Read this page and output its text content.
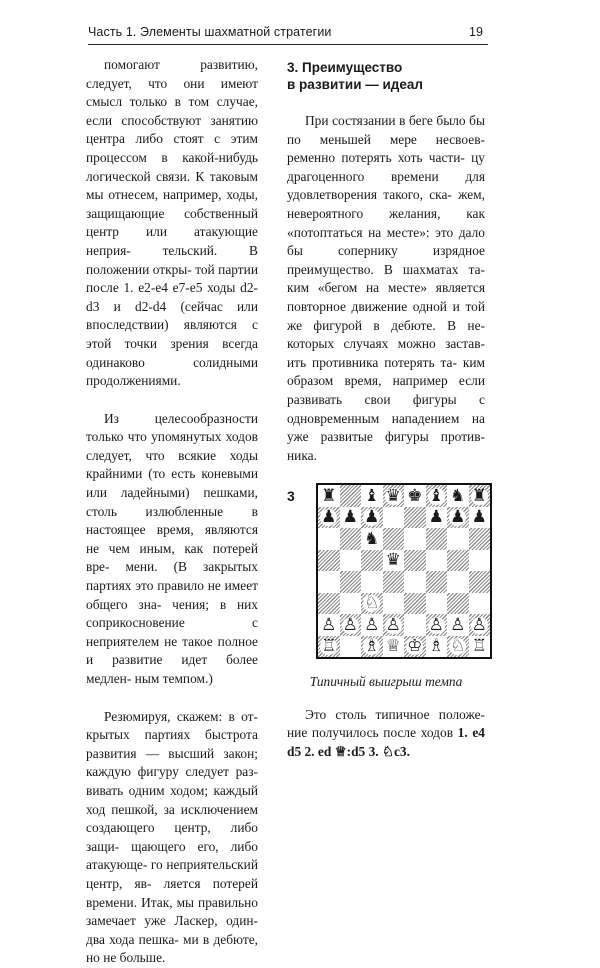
Часть 1. Элементы шахматной стратегии	19

помогают развитию, следует, что они имеют смысл только в том случае, если способствуют занятию центра либо стоят с этим процессом в какой-нибудь логической связи. К таковым мы отнесем, например, ходы, защищающие собственный центр или атакующие неприя- тельский. В положении откры- той партии после 1. e2-e4 e7-e5 ходы d2-d3 и d2-d4 (сейчас или впоследствии) являются с этой точки зрения всегда одинаково	солидными продолжениями.

Из целесообразности только что упомянутых ходов следует, что всякие ходы крайними (то есть коневыми или ладейными) пешками, столь излюбленные в настоящее время, являются не чем иным, как потерей вре- мени. (В закрытых партиях это правило не имеет общего зна- чения; в них соприкосновение	с неприятелем не такое полное и развитие идет более медлен- ным темпом.)

Резюмируя, скажем: в от- крытых партиях быстрота развития — высший закон; каждую фигуру следует раз- вивать одним ходом; каждый ход пешкой, за исключением создающего центр, либо защи- щающего его, либо атакующе- го неприятельский центр, яв- ляется потерей времени. Итак, мы правильно замечает уже Ласкер, один-два хода пешка- ми в дебюте, но не больше.

3. Преимущество
в развитии — идеал

При состязании в беге было бы по меньшей мере несвоев- ременно потерять хоть части- цу драгоценного времени для удовлетворения такого, ска- жем, невероятного желания, как «потоптаться на месте»: это дало бы сопернику изрядное преимущество. В шахматах та- ким «бегом на месте» является повторное движение одной и той же фигурой в дебюте. В не- которых случаях можно застав- ить противника потерять та- ким образом время, например если развивать свои фигуры с одновременным нападением на уже развитые фигуры против- ника.

3 ♜ ♝ ♛ ♚ ♝ ♞ ♜
♟ ♟ ♟	♟ ♟ ♟
♞
♛
♘
♙ ♙ ♙ ♙ ♙ ♙ ♙
♖ ♗ ♕ ♔ ♗ ♘ ♖
Типичный выигрыш темпа

Это столь типичное положе- ние получилось после ходов 1. e4 d5 2. ed ♕:d5 3. ♘c3.
